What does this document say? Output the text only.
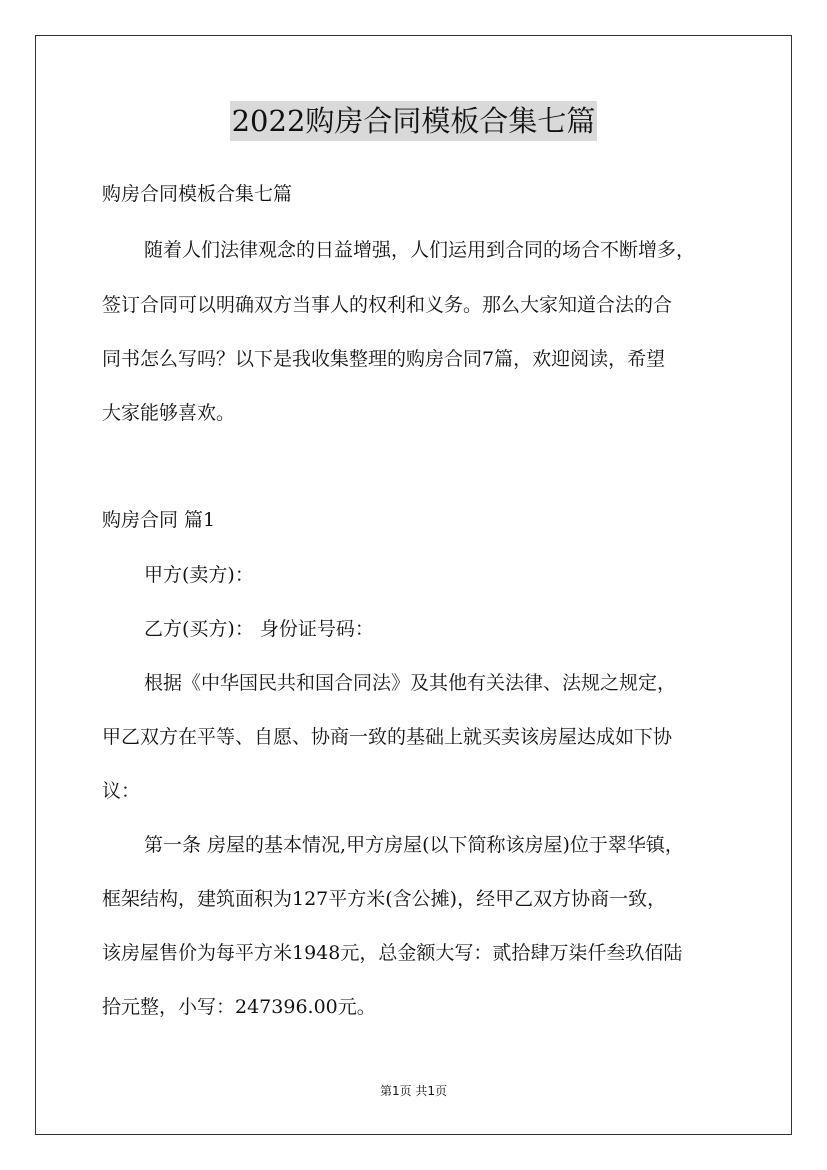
2022购房合同模板合集七篇
购房合同模板合集七篇
随着人们法律观念的日益增强，人们运用到合同的场合不断增多，
签订合同可以明确双方当事人的权利和义务。那么大家知道合法的合
同书怎么写吗？以下是我收集整理的购房合同7篇，欢迎阅读，希望
大家能够喜欢。
购房合同 篇1
甲方(卖方)：
乙方(买方)： 身份证号码：
根据《中华国民共和国合同法》及其他有关法律、法规之规定，
甲乙双方在平等、自愿、协商一致的基础上就买卖该房屋达成如下协
议：
第一条 房屋的基本情况,甲方房屋(以下简称该房屋)位于翠华镇，
框架结构，建筑面积为127平方米(含公摊)，经甲乙双方协商一致，
该房屋售价为每平方米1948元，总金额大写：贰拾肆万柒仟叁玖佰陆
拾元整，小写：247396.00元。
第1页 共1页
